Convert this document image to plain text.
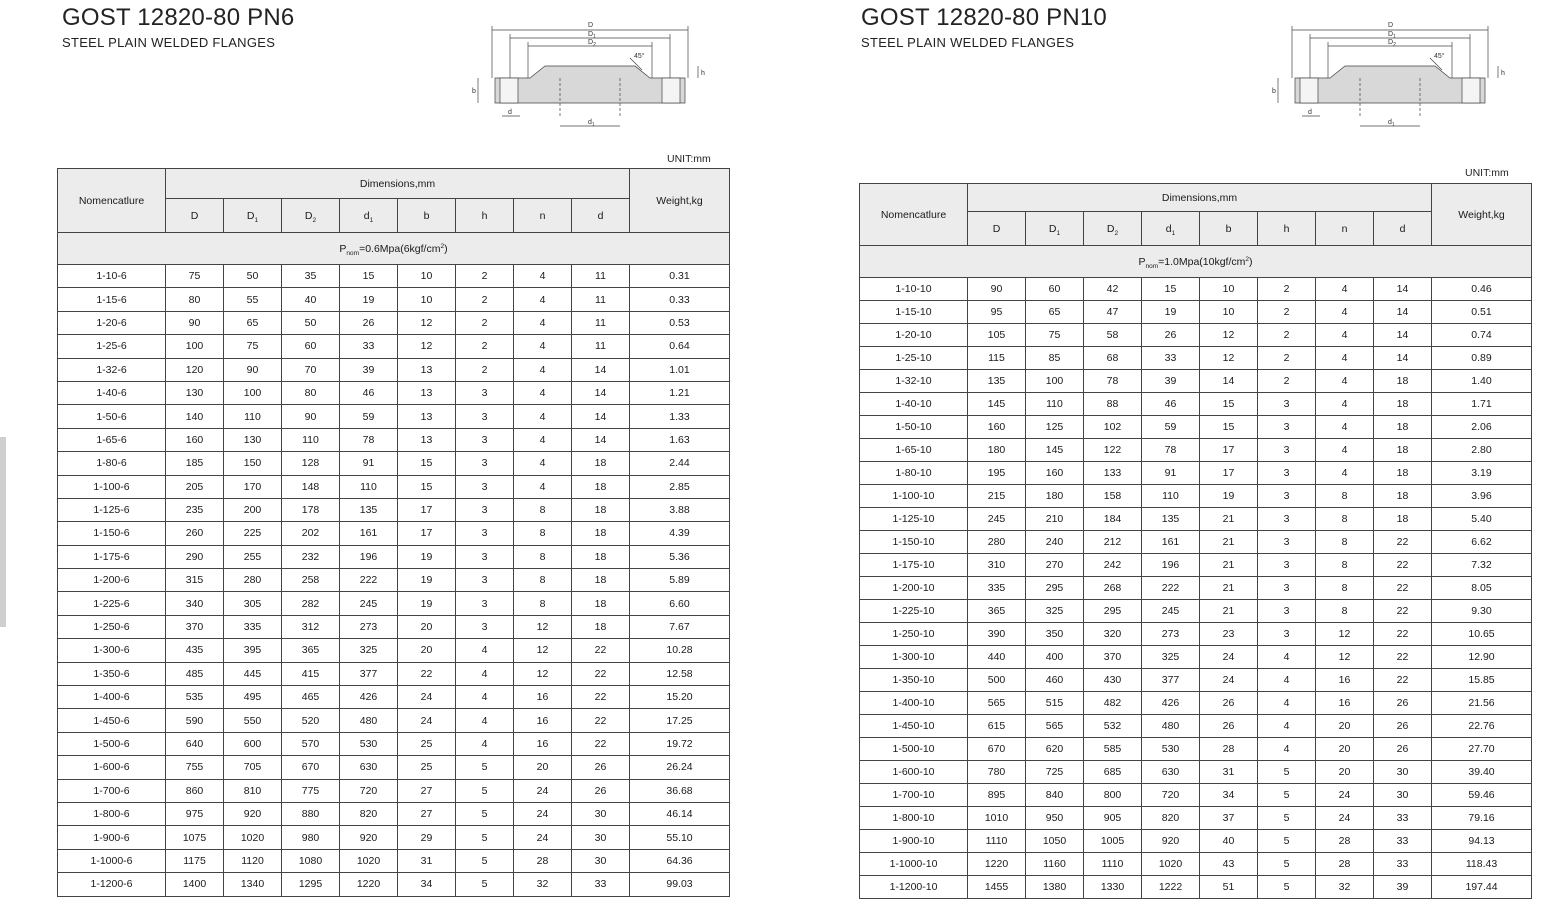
GOST 12820-80 PN6
STEEL PLAIN WELDED FLANGES
D
$D_1$
$D_2$
d
$d_1$
b
h
45°
UNIT:mm
Nomencatlure	Dimensions,mm								Weight,kg
	D	$D_1$	$D_2$	$d_1$	b	h	n	d	
$P_{nom}=0.6Mpa(6kgf/cm^2)$									
1-10-6	75	50	35	15	10	2	4	11	0.31
1-15-6	80	55	40	19	10	2	4	11	0.33
1-20-6	90	65	50	26	12	2	4	11	0.53
1-25-6	100	75	60	33	12	2	4	11	0.64
1-32-6	120	90	70	39	13	2	4	14	1.01
1-40-6	130	100	80	46	13	3	4	14	1.21
1-50-6	140	110	90	59	13	3	4	14	1.33
1-65-6	160	130	110	78	13	3	4	14	1.63
1-80-6	185	150	128	91	15	3	4	18	2.44
1-100-6	205	170	148	110	15	3	4	18	2.85
1-125-6	235	200	178	135	17	3	8	18	3.88
1-150-6	260	225	202	161	17	3	8	18	4.39
1-175-6	290	255	232	196	19	3	8	18	5.36
1-200-6	315	280	258	222	19	3	8	18	5.89
1-225-6	340	305	282	245	19	3	8	18	6.60
1-250-6	370	335	312	273	20	3	12	18	7.67
1-300-6	435	395	365	325	20	4	12	22	10.28
1-350-6	485	445	415	377	22	4	12	22	12.58
1-400-6	535	495	465	426	24	4	16	22	15.20
1-450-6	590	550	520	480	24	4	16	22	17.25
1-500-6	640	600	570	530	25	4	16	22	19.72
1-600-6	755	705	670	630	25	5	20	26	26.24
1-700-6	860	810	775	720	27	5	24	26	36.68
1-800-6	975	920	880	820	27	5	24	30	46.14
1-900-6	1075	1020	980	920	29	5	24	30	55.10
1-1000-6	1175	1120	1080	1020	31	5	28	30	64.36
1-1200-6	1400	1340	1295	1220	34	5	32	33	99.03
GOST 12820-80 PN10
STEEL PLAIN WELDED FLANGES
D
$D_1$
$D_2$
d
$d_1$
b
h
45°
UNIT:mm
Nomencatlure	Dimensions,mm								Weight,kg
	D	$D_1$	$D_2$	$d_1$	b	h	n	d	
$P_{nom}=1.0Mpa(10kgf/cm^2)$									
1-10-10	90	60	42	15	10	2	4	14	0.46
1-15-10	95	65	47	19	10	2	4	14	0.51
1-20-10	105	75	58	26	12	2	4	14	0.74
1-25-10	115	85	68	33	12	2	4	14	0.89
1-32-10	135	100	78	39	14	2	4	18	1.40
1-40-10	145	110	88	46	15	3	4	18	1.71
1-50-10	160	125	102	59	15	3	4	18	2.06
1-65-10	180	145	122	78	17	3	4	18	2.80
1-80-10	195	160	133	91	17	3	4	18	3.19
1-100-10	215	180	158	110	19	3	8	18	3.96
1-125-10	245	210	184	135	21	3	8	18	5.40
1-150-10	280	240	212	161	21	3	8	22	6.62
1-175-10	310	270	242	196	21	3	8	22	7.32
1-200-10	335	295	268	222	21	3	8	22	8.05
1-225-10	365	325	295	245	21	3	8	22	9.30
1-250-10	390	350	320	273	23	3	12	22	10.65
1-300-10	440	400	370	325	24	4	12	22	12.90
1-350-10	500	460	430	377	24	4	16	22	15.85
1-400-10	565	515	482	426	26	4	16	26	21.56
1-450-10	615	565	532	480	26	4	20	26	22.76
1-500-10	670	620	585	530	28	4	20	26	27.70
1-600-10	780	725	685	630	31	5	20	30	39.40
1-700-10	895	840	800	720	34	5	24	30	59.46
1-800-10	1010	950	905	820	37	5	24	33	79.16
1-900-10	1110	1050	1005	920	40	5	28	33	94.13
1-1000-10	1220	1160	1110	1020	43	5	28	33	118.43
1-1200-10	1455	1380	1330	1222	51	5	32	39	197.44
